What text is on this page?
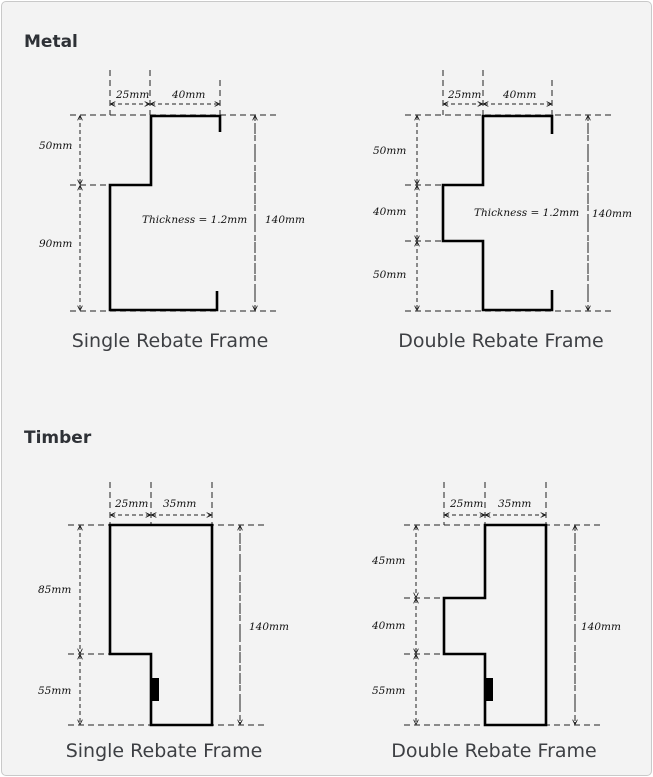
Metal
Timber
25mm 40mm
50mm
90mm
140mm
Thickness = 1.2mm
Single Rebate Frame
25mm 40mm
50mm
40mm
50mm
140mm
Thickness = 1.2mm
Double Rebate Frame
25mm 35mm
85mm
55mm
140mm
Single Rebate Frame
25mm 35mm
45mm
40mm
55mm
140mm
Double Rebate Frame
